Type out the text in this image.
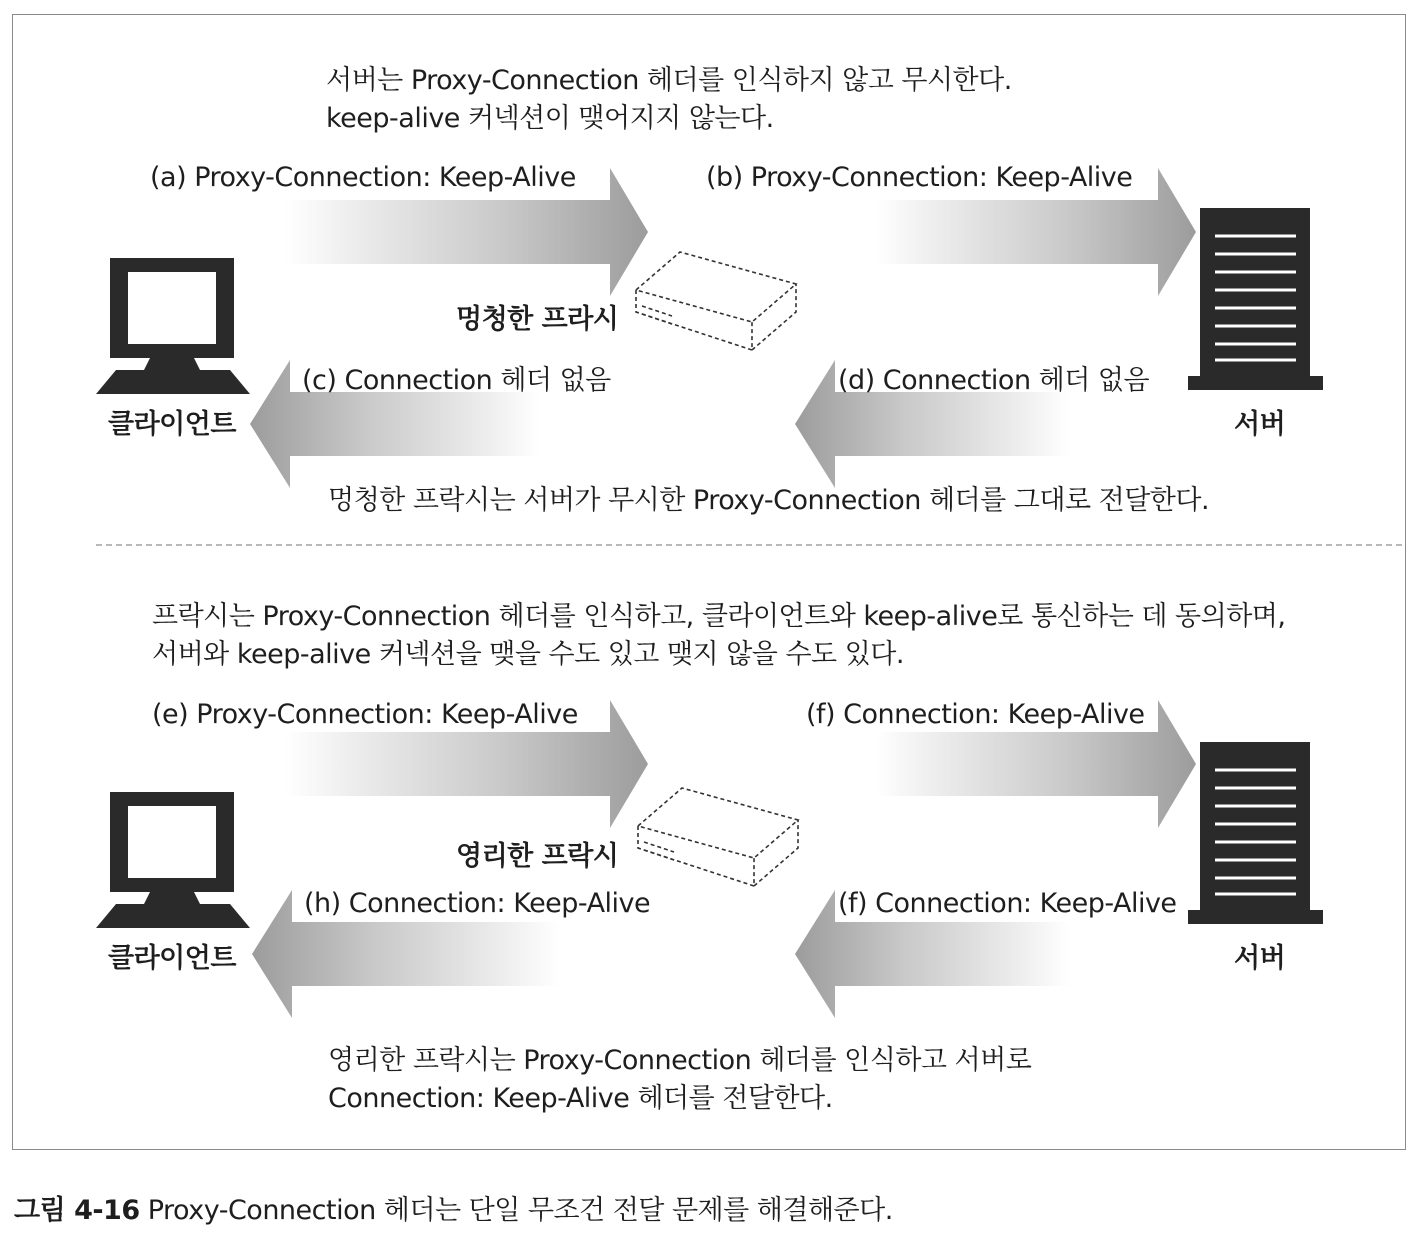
서버는 Proxy-Connection 헤더를 인식하지 않고 무시한다.
keep-alive 커넥션이 맺어지지 않는다.
(a) Proxy-Connection: Keep-Alive	(b) Proxy-Connection: Keep-Alive
멍청한 프라시
클라이언트	서버
(c) Connection 헤더 없음	(d) Connection 헤더 없음
멍청한 프락시는 서버가 무시한 Proxy-Connection 헤더를 그대로 전달한다.
프락시는 Proxy-Connection 헤더를 인식하고, 클라이언트와 keep-alive로 통신하는 데 동의하며,
서버와 keep-alive 커넥션을 맺을 수도 있고 맺지 않을 수도 있다.
(e) Proxy-Connection: Keep-Alive	(f) Connection: Keep-Alive
영리한 프락시
클라이언트	서버
(h) Connection: Keep-Alive	(f) Connection: Keep-Alive
영리한 프락시는 Proxy-Connection 헤더를 인식하고 서버로
Connection: Keep-Alive 헤더를 전달한다.
그림 4-16 Proxy-Connection 헤더는 단일 무조건 전달 문제를 해결해준다.
